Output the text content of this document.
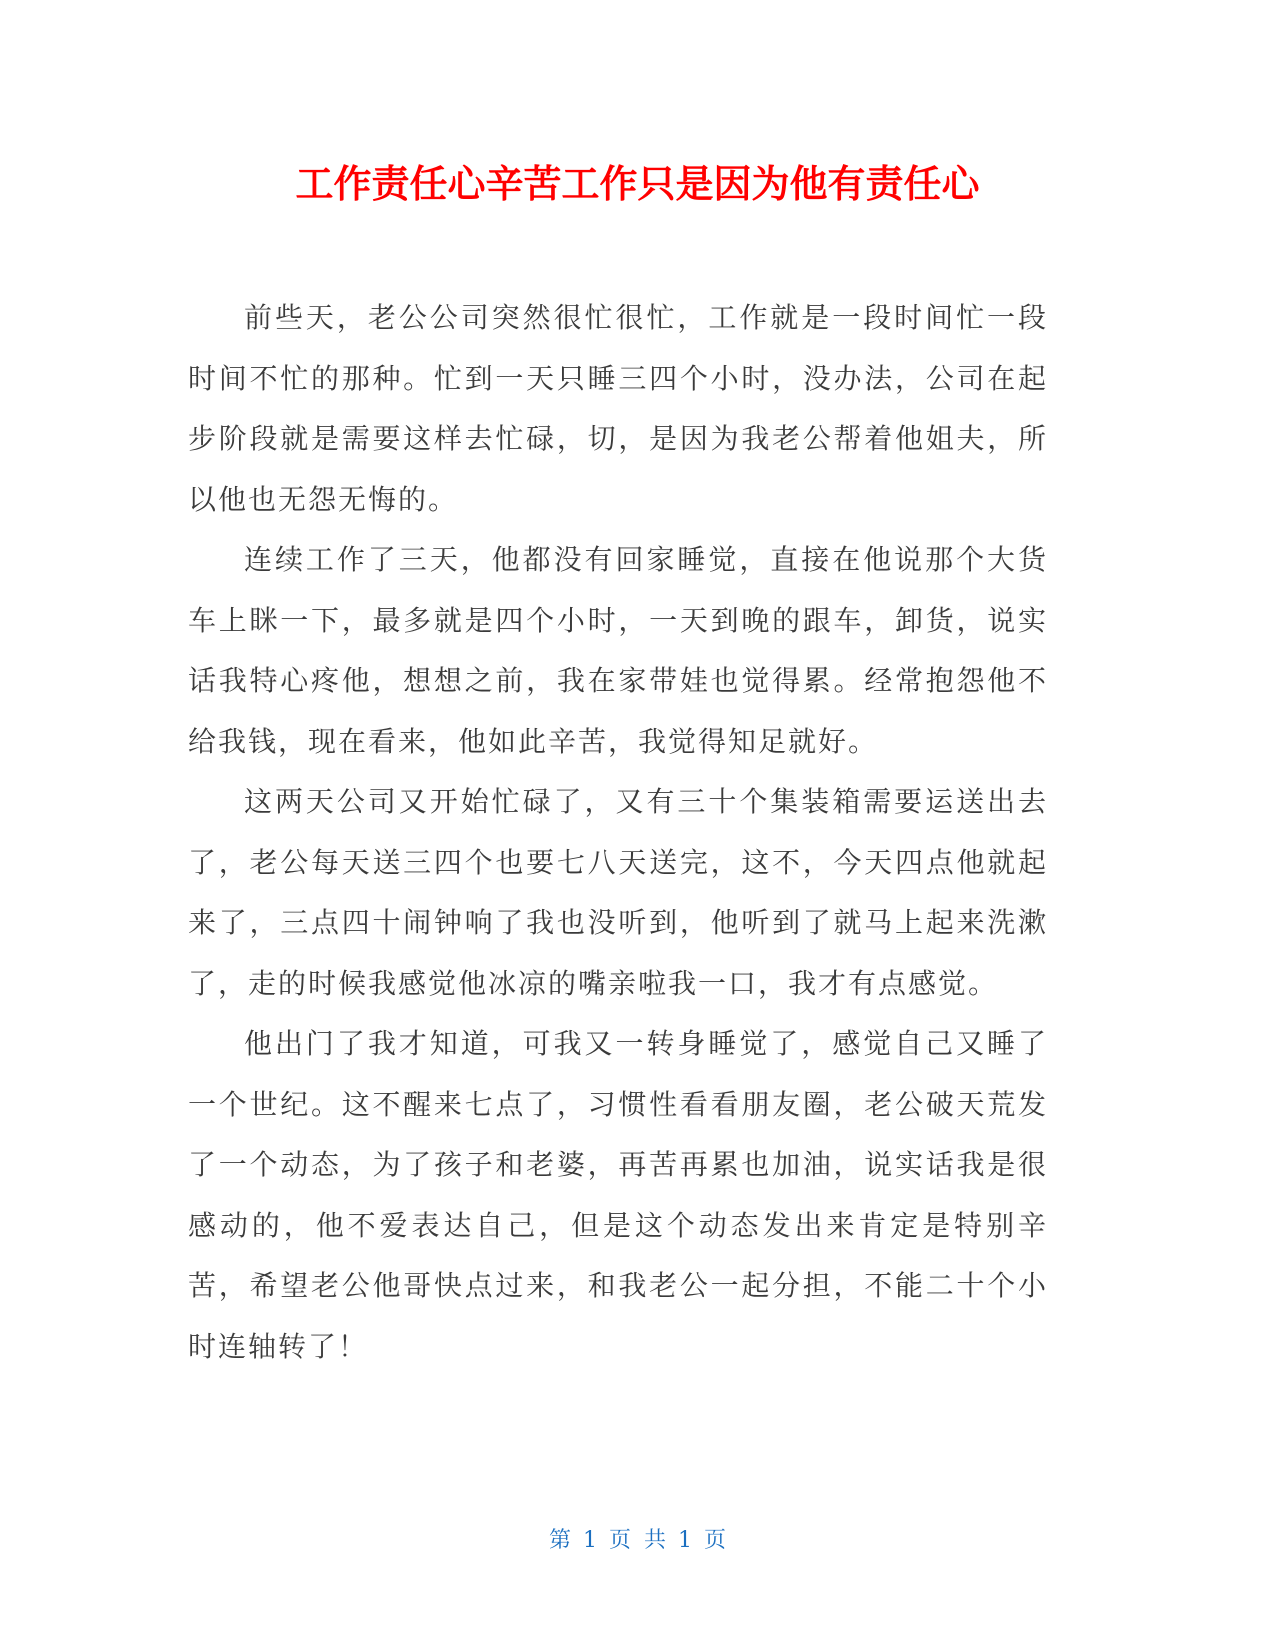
工作责任心辛苦工作只是因为他有责任心

前些天，老公公司突然很忙很忙，工作就是一段时间忙一段时间不忙的那种。忙到一天只睡三四个小时，没办法，公司在起步阶段就是需要这样去忙碌，切，是因为我老公帮着他姐夫，所以他也无怨无悔的。

连续工作了三天，他都没有回家睡觉，直接在他说那个大货车上眯一下，最多就是四个小时，一天到晚的跟车，卸货，说实话我特心疼他，想想之前，我在家带娃也觉得累。经常抱怨他不给我钱，现在看来，他如此辛苦，我觉得知足就好。

这两天公司又开始忙碌了，又有三十个集装箱需要运送出去了，老公每天送三四个也要七八天送完，这不，今天四点他就起来了，三点四十闹钟响了我也没听到，他听到了就马上起来洗漱了，走的时候我感觉他冰凉的嘴亲啦我一口，我才有点感觉。

他出门了我才知道，可我又一转身睡觉了，感觉自己又睡了一个世纪。这不醒来七点了，习惯性看看朋友圈，老公破天荒发了一个动态，为了孩子和老婆，再苦再累也加油，说实话我是很感动的，他不爱表达自己，但是这个动态发出来肯定是特别辛苦，希望老公他哥快点过来，和我老公一起分担，不能二十个小时连轴转了！

第 1 页 共 1 页
